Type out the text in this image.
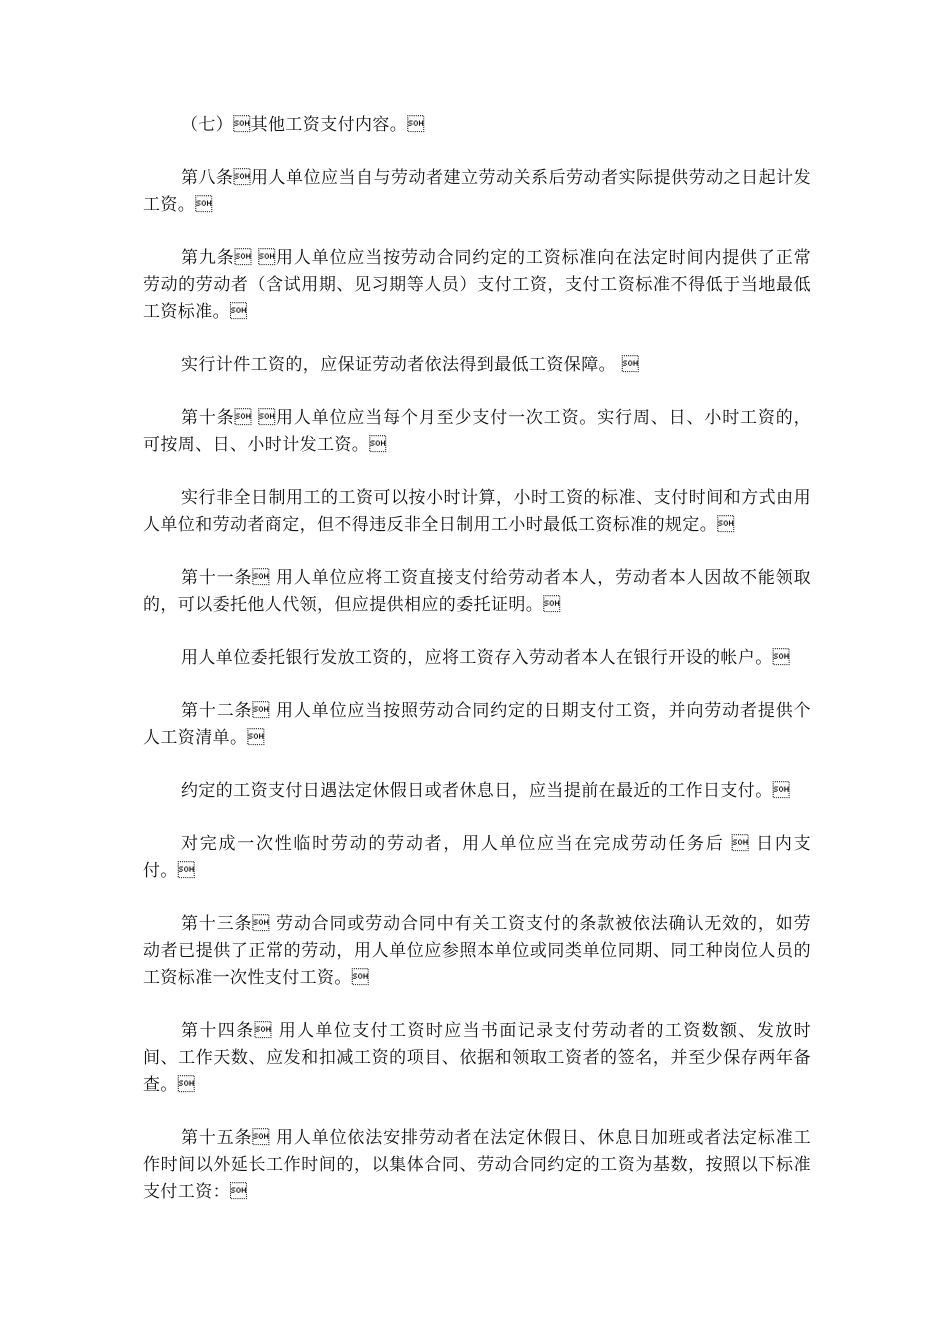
（七）其他工资支付内容。

第八条用人单位应当自与劳动者建立劳动关系后劳动者实际提供劳动之日起计发工资。

第九条 用人单位应当按劳动合同约定的工资标准向在法定时间内提供了正常劳动的劳动者（含试用期、见习期等人员）支付工资，支付工资标准不得低于当地最低工资标准。

实行计件工资的，应保证劳动者依法得到最低工资保障。 

第十条 用人单位应当每个月至少支付一次工资。实行周、日、小时工资的，可按周、日、小时计发工资。

实行非全日制用工的工资可以按小时计算，小时工资的标准、支付时间和方式由用人单位和劳动者商定，但不得违反非全日制用工小时最低工资标准的规定。

第十一条 用人单位应将工资直接支付给劳动者本人，劳动者本人因故不能领取的，可以委托他人代领，但应提供相应的委托证明。

用人单位委托银行发放工资的，应将工资存入劳动者本人在银行开设的帐户。

第十二条 用人单位应当按照劳动合同约定的日期支付工资，并向劳动者提供个人工资清单。

约定的工资支付日遇法定休假日或者休息日，应当提前在最近的工作日支付。

对完成一次性临时劳动的劳动者，用人单位应当在完成劳动任务后  日内支付。

第十三条 劳动合同或劳动合同中有关工资支付的条款被依法确认无效的，如劳动者已提供了正常的劳动，用人单位应参照本单位或同类单位同期、同工种岗位人员的工资标准一次性支付工资。

第十四条 用人单位支付工资时应当书面记录支付劳动者的工资数额、发放时间、工作天数、应发和扣减工资的项目、依据和领取工资者的签名，并至少保存两年备查。

第十五条 用人单位依法安排劳动者在法定休假日、休息日加班或者法定标准工作时间以外延长工作时间的，以集体合同、劳动合同约定的工资为基数，按照以下标准支付工资：
